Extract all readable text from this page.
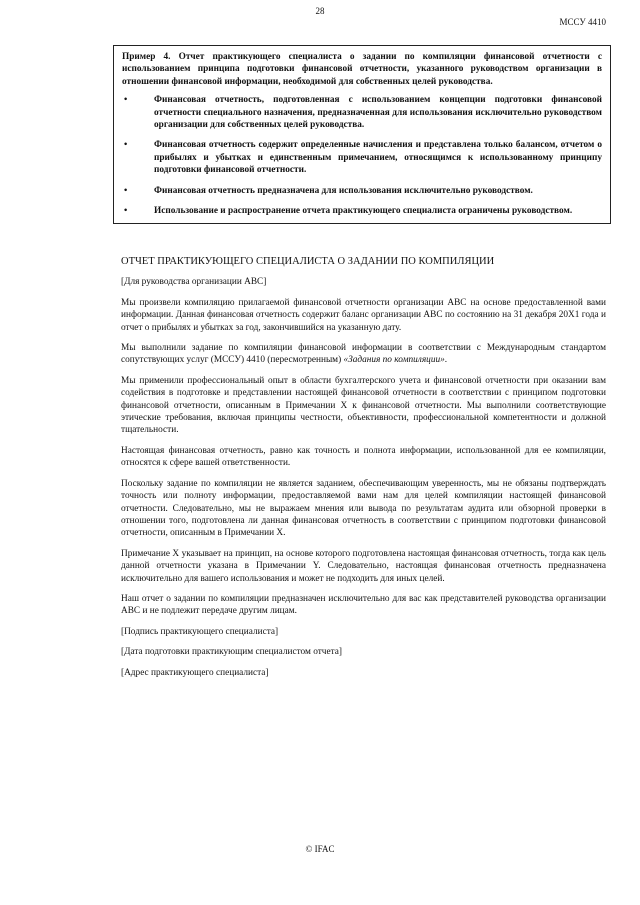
28
МССУ 4410

Пример 4. Отчет практикующего специалиста о задании по компиляции финансовой отчетности с использованием принципа подготовки финансовой отчетности, указанного руководством организации в отношении финансовой информации, необходимой для собственных целей руководства.

•	Финансовая отчетность, подготовленная с использованием концепции подготовки финансовой отчетности специального назначения, предназначенная для использования исключительно руководством организации для собственных целей руководства.
•	Финансовая отчетность содержит определенные начисления и представлена только балансом, отчетом о прибылях и убытках и единственным примечанием, относящимся к использованному принципу подготовки финансовой отчетности.
•	Финансовая отчетность предназначена для использования исключительно руководством.
•	Использование и распространение отчета практикующего специалиста ограничены руководством.

ОТЧЕТ ПРАКТИКУЮЩЕГО СПЕЦИАЛИСТА О ЗАДАНИИ ПО КОМПИЛЯЦИИ

[Для руководства организации АВС]

Мы произвели компиляцию прилагаемой финансовой отчетности организации АВС на основе предоставленной вами информации. Данная финансовая отчетность содержит баланс организации АВС по состоянию на 31 декабря 20Х1 года и отчет о прибылях и убытках за год, закончившийся на указанную дату.

Мы выполнили задание по компиляции финансовой информации в соответствии с Международным стандартом сопутствующих услуг (МССУ) 4410 (пересмотренным) «Задания по компиляции».

Мы применили профессиональный опыт в области бухгалтерского учета и финансовой отчетности при оказании вам содействия в подготовке и представлении настоящей финансовой отчетности в соответствии с принципом подготовки финансовой отчетности, описанным в Примечании Х к финансовой отчетности. Мы выполнили соответствующие этические требования, включая принципы честности, объективности, профессиональной компетентности и должной тщательности.

Настоящая финансовая отчетность, равно как точность и полнота информации, использованной для ее компиляции, относятся к сфере вашей ответственности.

Поскольку задание по компиляции не является заданием, обеспечивающим уверенность, мы не обязаны подтверждать точность или полноту информации, предоставляемой вами нам для целей компиляции настоящей финансовой отчетности. Следовательно, мы не выражаем мнения или вывода по результатам аудита или обзорной проверки в отношении того, подготовлена ли данная финансовая отчетность в соответствии с принципом подготовки финансовой отчетности, описанным в Примечании Х.

Примечание Х указывает на принцип, на основе которого подготовлена настоящая финансовая отчетность, тогда как цель данной отчетности указана в Примечании Y. Следовательно, настоящая финансовая отчетность предназначена исключительно для вашего использования и может не подходить для иных целей.

Наш отчет о задании по компиляции предназначен исключительно для вас как представителей руководства организации АВС и не подлежит передаче другим лицам.

[Подпись практикующего специалиста]

[Дата подготовки практикующим специалистом отчета]

[Адрес практикующего специалиста]

© IFAC
